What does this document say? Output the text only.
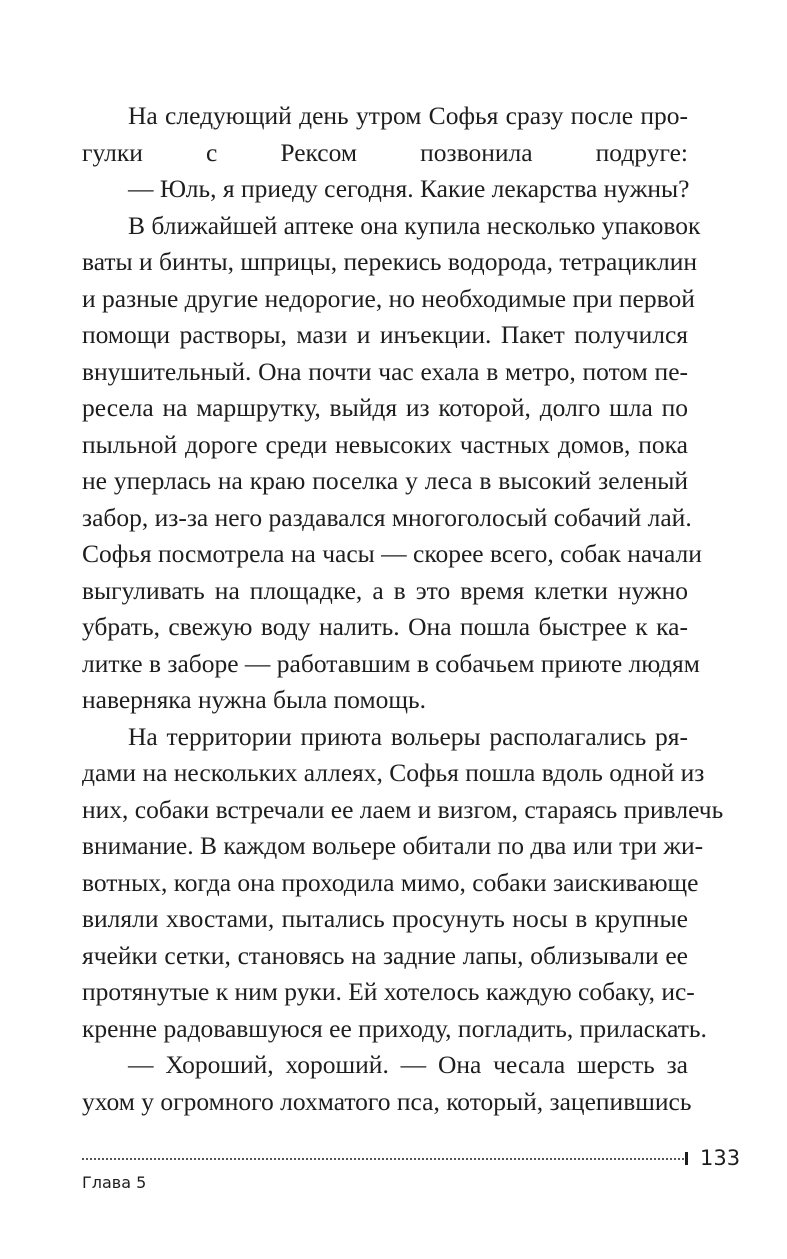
На следующий день утром Софья сразу после про-
гулки с Рексом позвонила подруге:
— Юль, я приеду сегодня. Какие лекарства нужны?
В ближайшей аптеке она купила несколько упаковок
ваты и бинты, шприцы, перекись водорода, тетрациклин
и разные другие недорогие, но необходимые при первой
помощи растворы, мази и инъекции. Пакет получился
внушительный. Она почти час ехала в метро, потом пе-
ресела на маршрутку, выйдя из которой, долго шла по
пыльной дороге среди невысоких частных домов, пока
не уперлась на краю поселка у леса в высокий зеленый
забор, из-за него раздавался многоголосый собачий лай.
Софья посмотрела на часы — скорее всего, собак начали
выгуливать на площадке, а в это время клетки нужно
убрать, свежую воду налить. Она пошла быстрее к ка-
литке в заборе — работавшим в собачьем приюте людям
наверняка нужна была помощь.
На территории приюта вольеры располагались ря-
дами на нескольких аллеях, Софья пошла вдоль одной из
них, собаки встречали ее лаем и визгом, стараясь привлечь
внимание. В каждом вольере обитали по два или три жи-
вотных, когда она проходила мимо, собаки заискивающе
виляли хвостами, пытались просунуть носы в крупные
ячейки сетки, становясь на задние лапы, облизывали ее
протянутые к ним руки. Ей хотелось каждую собаку, ис-
кренне радовавшуюся ее приходу, погладить, приласкать.
— Хороший, хороший. — Она чесала шерсть за
ухом у огромного лохматого пса, который, зацепившись
133
Глава 5
